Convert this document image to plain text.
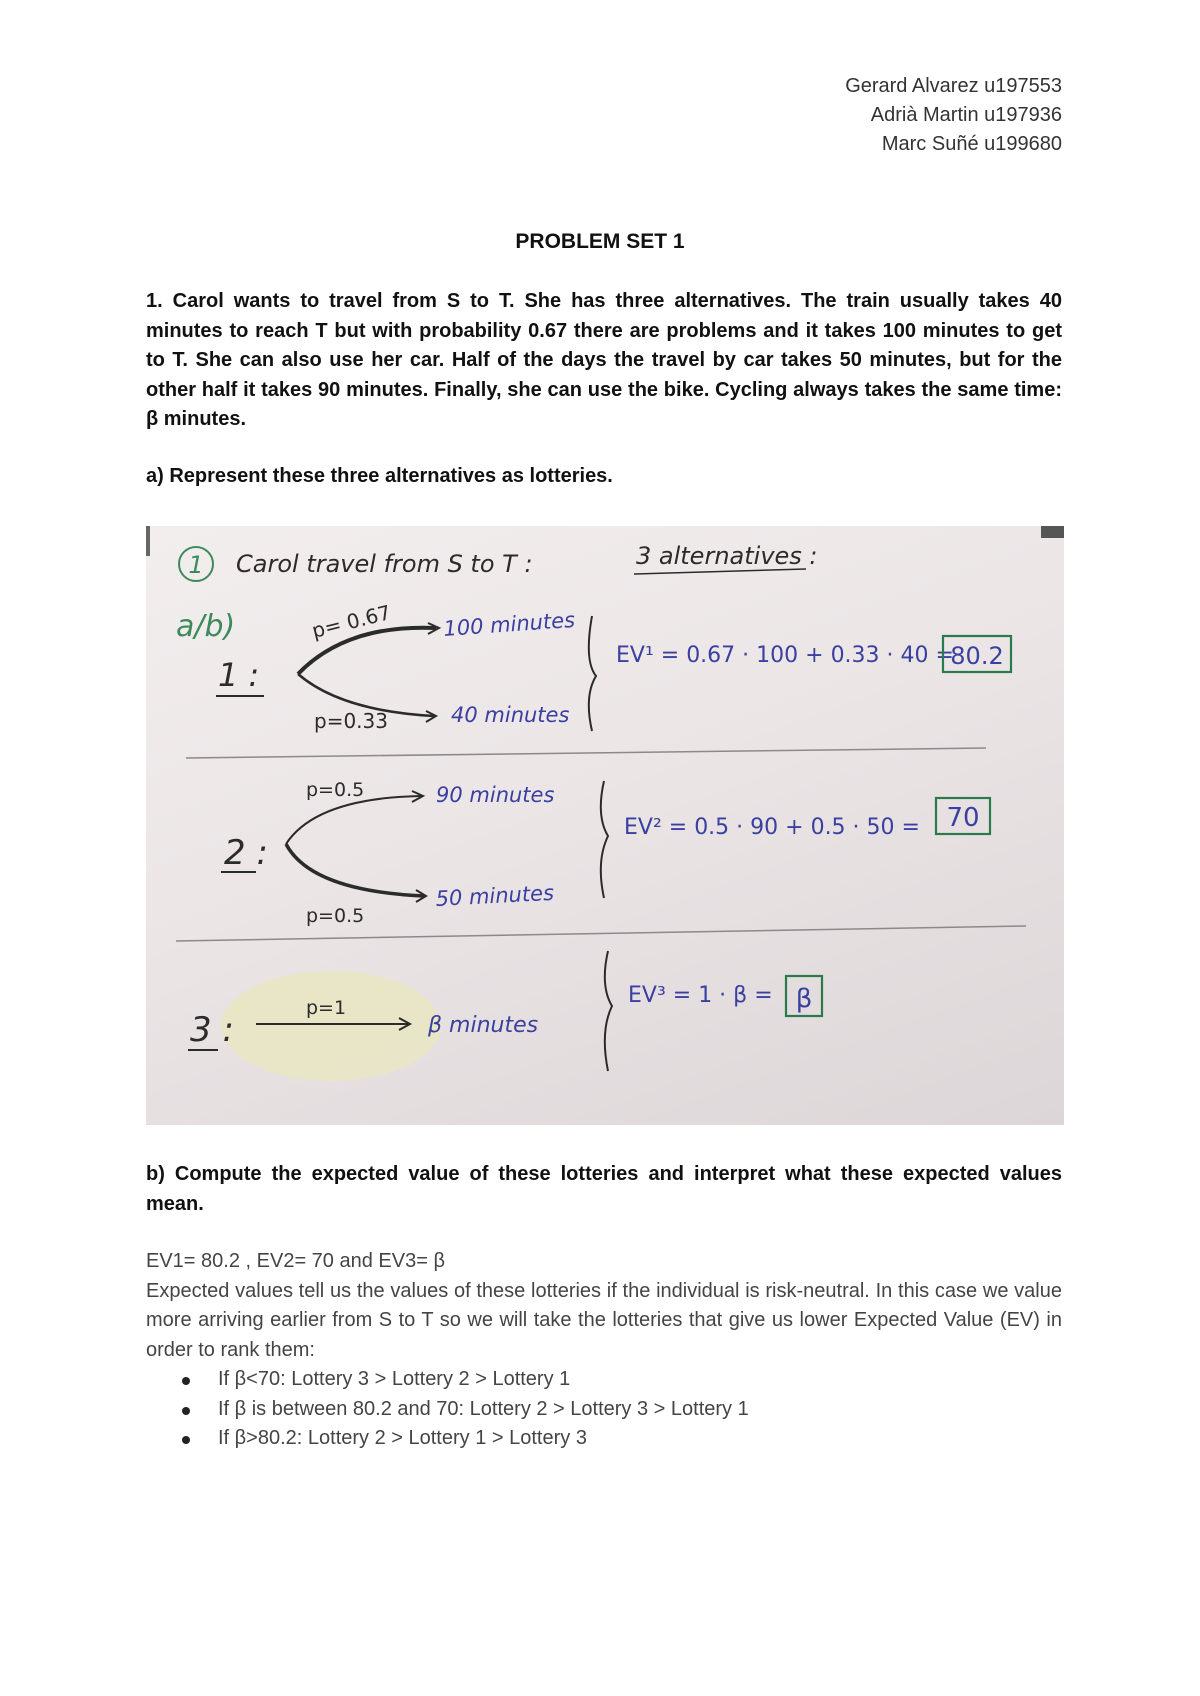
Gerard Alvarez u197553
Adrià Martin u197936
Marc Suñé u199680
PROBLEM SET 1
1. Carol wants to travel from S to T. She has three alternatives. The train usually takes 40 minutes to reach T but with probability 0.67 there are problems and it takes 100 minutes to get to T. She can also use her car. Half of the days the travel by car takes 50 minutes, but for the other half it takes 90 minutes. Finally, she can use the bike. Cycling always takes the same time: β minutes.
a) Represent these three alternatives as lotteries.
1 Carol travel from S to T :	3 alternatives :
a/b)
1 :
p= 0.67
p=0.33
100 minutes
40 minutes
EV¹ = 0.67 · 100 + 0.33 · 40 =
80.2
2 :
p=0.5
p=0.5
90 minutes
50 minutes
EV² = 0.5 · 90 + 0.5 · 50 = 70
3 :
p=1
β minutes
EV³ = 1 · β = β
b) Compute the expected value of these lotteries and interpret what these expected values mean.

EV1= 80.2 , EV2= 70 and EV3= β

Expected values tell us the values of these lotteries if the individual is risk-neutral. In this case we value more arriving earlier from S to T so we will take the lotteries that give us lower Expected Value (EV) in order to rank them:

If β<70: Lottery 3 > Lottery 2 > Lottery 1
If β is between 80.2 and 70: Lottery 2 > Lottery 3 > Lottery 1
If β>80.2: Lottery 2 > Lottery 1 > Lottery 3
